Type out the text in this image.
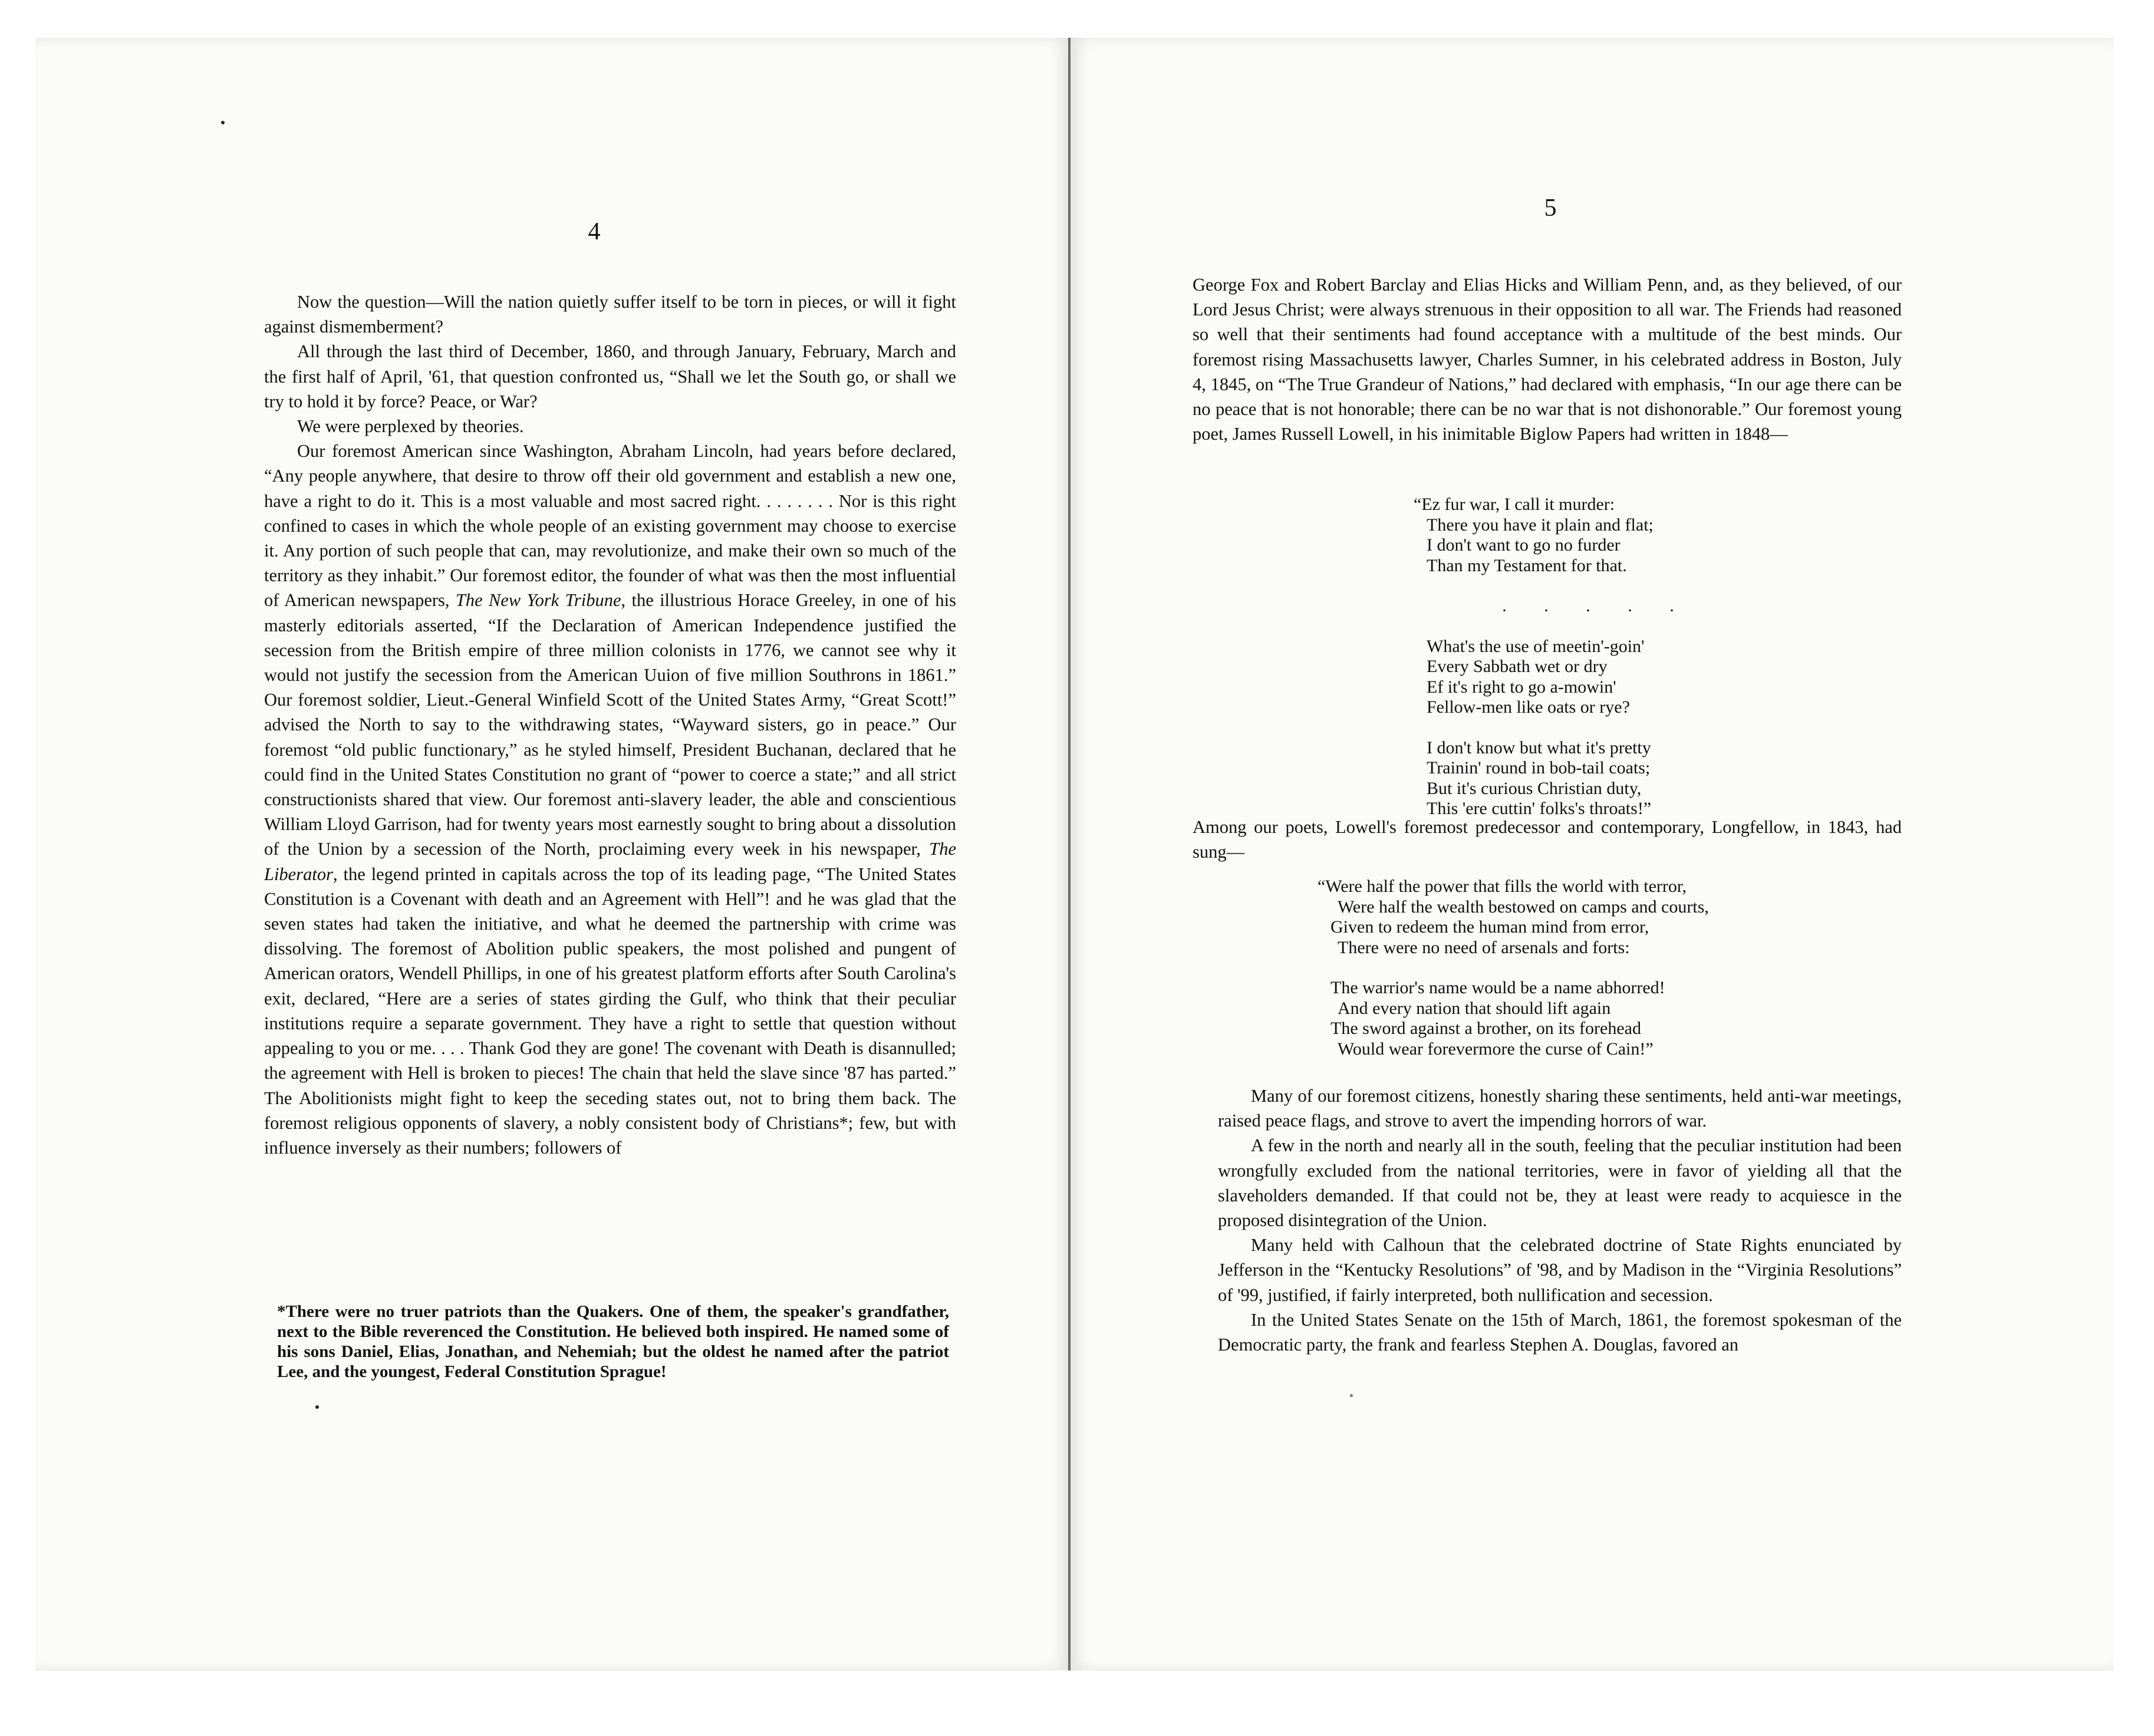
4

Now the question—Will the nation quietly suffer itself to be torn in pieces, or will it fight against dismemberment?

All through the last third of December, 1860, and through January, February, March and the first half of April, '61, that question confronted us, “Shall we let the South go, or shall we try to hold it by force? Peace, or War?

We were perplexed by theories.

Our foremost American since Washington, Abraham Lincoln, had years before declared, “Any people anywhere, that desire to throw off their old government and establish a new one, have a right to do it. This is a most valuable and most sacred right. . . . . . . . Nor is this right confined to cases in which the whole people of an existing government may choose to exercise it. Any portion of such people that can, may revolutionize, and make their own so much of the territory as they inhabit.” Our foremost editor, the founder of what was then the most influential of American newspapers, The New York Tribune, the illustrious Horace Greeley, in one of his masterly editorials asserted, “If the Declaration of American Independence justified the secession from the British empire of three million colonists in 1776, we cannot see why it would not justify the secession from the American Uuion of five million Southrons in 1861.” Our foremost soldier, Lieut.-General Winfield Scott of the United States Army, “Great Scott!” advised the North to say to the withdrawing states, “Wayward sisters, go in peace.” Our foremost “old public functionary,” as he styled himself, President Buchanan, declared that he could find in the United States Constitution no grant of “power to coerce a state;” and all strict constructionists shared that view. Our foremost anti-slavery leader, the able and conscientious William Lloyd Garrison, had for twenty years most earnestly sought to bring about a dissolution of the Union by a secession of the North, proclaiming every week in his newspaper, The Liberator, the legend printed in capitals across the top of its leading page, “The United States Constitution is a Covenant with death and an Agreement with Hell”! and he was glad that the seven states had taken the initiative, and what he deemed the partnership with crime was dissolving. The foremost of Abolition public speakers, the most polished and pungent of American orators, Wendell Phillips, in one of his greatest platform efforts after South Carolina's exit, declared, “Here are a series of states girding the Gulf, who think that their peculiar institutions require a separate government. They have a right to settle that question without appealing to you or me. . . . Thank God they are gone! The covenant with Death is disannulled; the agreement with Hell is broken to pieces! The chain that held the slave since '87 has parted.” The Abolitionists might fight to keep the seceding states out, not to bring them back. The foremost religious opponents of slavery, a nobly consistent body of Christians*; few, but with influence inversely as their numbers; followers of

*There were no truer patriots than the Quakers. One of them, the speaker's grandfather, next to the Bible reverenced the Constitution. He believed both inspired. He named some of his sons Daniel, Elias, Jonathan, and Nehemiah; but the oldest he named after the patriot Lee, and the youngest, Federal Constitution Sprague!

5

George Fox and Robert Barclay and Elias Hicks and William Penn, and, as they believed, of our Lord Jesus Christ; were always strenuous in their opposition to all war. The Friends had reasoned so well that their sentiments had found acceptance with a multitude of the best minds. Our foremost rising Massachusetts lawyer, Charles Sumner, in his celebrated address in Boston, July 4, 1845, on “The True Grandeur of Nations,” had declared with emphasis, “In our age there can be no peace that is not honorable; there can be no war that is not dishonorable.” Our foremost young poet, James Russell Lowell, in his inimitable Biglow Papers had written in 1848—

“Ez fur war, I call it murder:
There you have it plain and flat;
I don't want to go no furder
Than my Testament for that.
. . . . .
What's the use of meetin'-goin'
Every Sabbath wet or dry
Ef it's right to go a-mowin'
Fellow-men like oats or rye?
I don't know but what it's pretty
Trainin' round in bob-tail coats;
But it's curious Christian duty,
This 'ere cuttin' folks's throats!”

Among our poets, Lowell's foremost predecessor and contemporary, Longfellow, in 1843, had sung—

“Were half the power that fills the world with terror,
Were half the wealth bestowed on camps and courts,
Given to redeem the human mind from error,
There were no need of arsenals and forts:
The warrior's name would be a name abhorred!
And every nation that should lift again
The sword against a brother, on its forehead
Would wear forevermore the curse of Cain!”

Many of our foremost citizens, honestly sharing these sentiments, held anti-war meetings, raised peace flags, and strove to avert the impending horrors of war.

A few in the north and nearly all in the south, feeling that the peculiar institution had been wrongfully excluded from the national territories, were in favor of yielding all that the slaveholders demanded. If that could not be, they at least were ready to acquiesce in the proposed disintegration of the Union.

Many held with Calhoun that the celebrated doctrine of State Rights enunciated by Jefferson in the “Kentucky Resolutions” of '98, and by Madison in the “Virginia Resolutions” of '99, justified, if fairly interpreted, both nullification and secession.

In the United States Senate on the 15th of March, 1861, the foremost spokesman of the Democratic party, the frank and fearless Stephen A. Douglas, favored an
